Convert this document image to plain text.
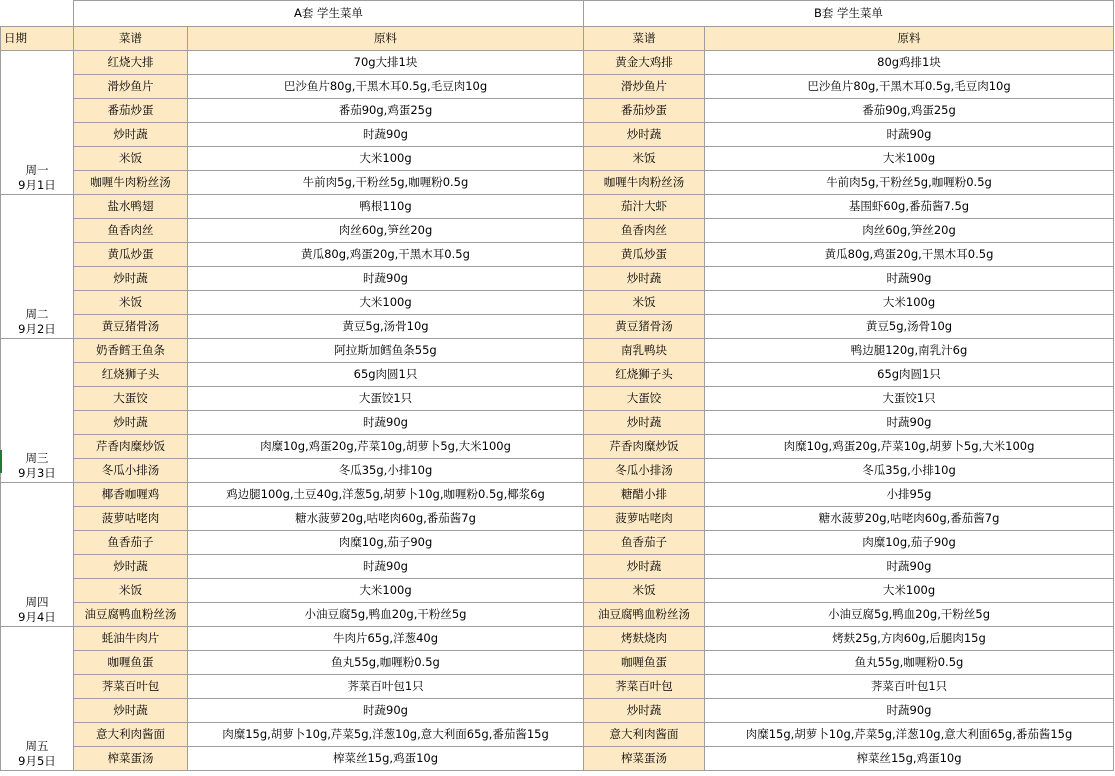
	A套 学生菜单		B套 学生菜单	
日期	菜谱	原料	菜谱	原料

周一
9月1日	红烧大排	70g大排1块	黄金大鸡排	80g鸡排1块
	滑炒鱼片	巴沙鱼片80g,干黑木耳0.5g,毛豆肉10g	滑炒鱼片	巴沙鱼片80g,干黑木耳0.5g,毛豆肉10g
	番茄炒蛋	番茄90g,鸡蛋25g	番茄炒蛋	番茄90g,鸡蛋25g
	炒时蔬	时蔬90g	炒时蔬	时蔬90g
	米饭	大米100g	米饭	大米100g
	咖喱牛肉粉丝汤	牛前肉5g,干粉丝5g,咖喱粉0.5g	咖喱牛肉粉丝汤	牛前肉5g,干粉丝5g,咖喱粉0.5g

周二
9月2日	盐水鸭翅	鸭根110g	茄汁大虾	基围虾60g,番茄酱7.5g
	鱼香肉丝	肉丝60g,笋丝20g	鱼香肉丝	肉丝60g,笋丝20g
	黄瓜炒蛋	黄瓜80g,鸡蛋20g,干黑木耳0.5g	黄瓜炒蛋	黄瓜80g,鸡蛋20g,干黑木耳0.5g
	炒时蔬	时蔬90g	炒时蔬	时蔬90g
	米饭	大米100g	米饭	大米100g
	黄豆猪骨汤	黄豆5g,汤骨10g	黄豆猪骨汤	黄豆5g,汤骨10g

周三
9月3日	奶香鳕王鱼条	阿拉斯加鳕鱼条55g	南乳鸭块	鸭边腿120g,南乳汁6g
	红烧狮子头	65g肉圆1只	红烧狮子头	65g肉圆1只
	大蛋饺	大蛋饺1只	大蛋饺	大蛋饺1只
	炒时蔬	时蔬90g	炒时蔬	时蔬90g
	芹香肉糜炒饭	肉糜10g,鸡蛋20g,芹菜10g,胡萝卜5g,大米100g	芹香肉糜炒饭	肉糜10g,鸡蛋20g,芹菜10g,胡萝卜5g,大米100g
	冬瓜小排汤	冬瓜35g,小排10g	冬瓜小排汤	冬瓜35g,小排10g

周四
9月4日	椰香咖喱鸡	鸡边腿100g,土豆40g,洋葱5g,胡萝卜10g,咖喱粉0.5g,椰浆6g	糖醋小排	小排95g
	菠萝咕咾肉	糖水菠萝20g,咕咾肉60g,番茄酱7g	菠萝咕咾肉	糖水菠萝20g,咕咾肉60g,番茄酱7g
	鱼香茄子	肉糜10g,茄子90g	鱼香茄子	肉糜10g,茄子90g
	炒时蔬	时蔬90g	炒时蔬	时蔬90g
	米饭	大米100g	米饭	大米100g
	油豆腐鸭血粉丝汤	小油豆腐5g,鸭血20g,干粉丝5g	油豆腐鸭血粉丝汤	小油豆腐5g,鸭血20g,干粉丝5g

周五
9月5日	蚝油牛肉片	牛肉片65g,洋葱40g	烤麸烧肉	烤麸25g,方肉60g,后腿肉15g
	咖喱鱼蛋	鱼丸55g,咖喱粉0.5g	咖喱鱼蛋	鱼丸55g,咖喱粉0.5g
	荠菜百叶包	荠菜百叶包1只	荠菜百叶包	荠菜百叶包1只
	炒时蔬	时蔬90g	炒时蔬	时蔬90g
	意大利肉酱面	肉糜15g,胡萝卜10g,芹菜5g,洋葱10g,意大利面65g,番茄酱15g	意大利肉酱面	肉糜15g,胡萝卜10g,芹菜5g,洋葱10g,意大利面65g,番茄酱15g
	榨菜蛋汤	榨菜丝15g,鸡蛋10g	榨菜蛋汤	榨菜丝15g,鸡蛋10g
